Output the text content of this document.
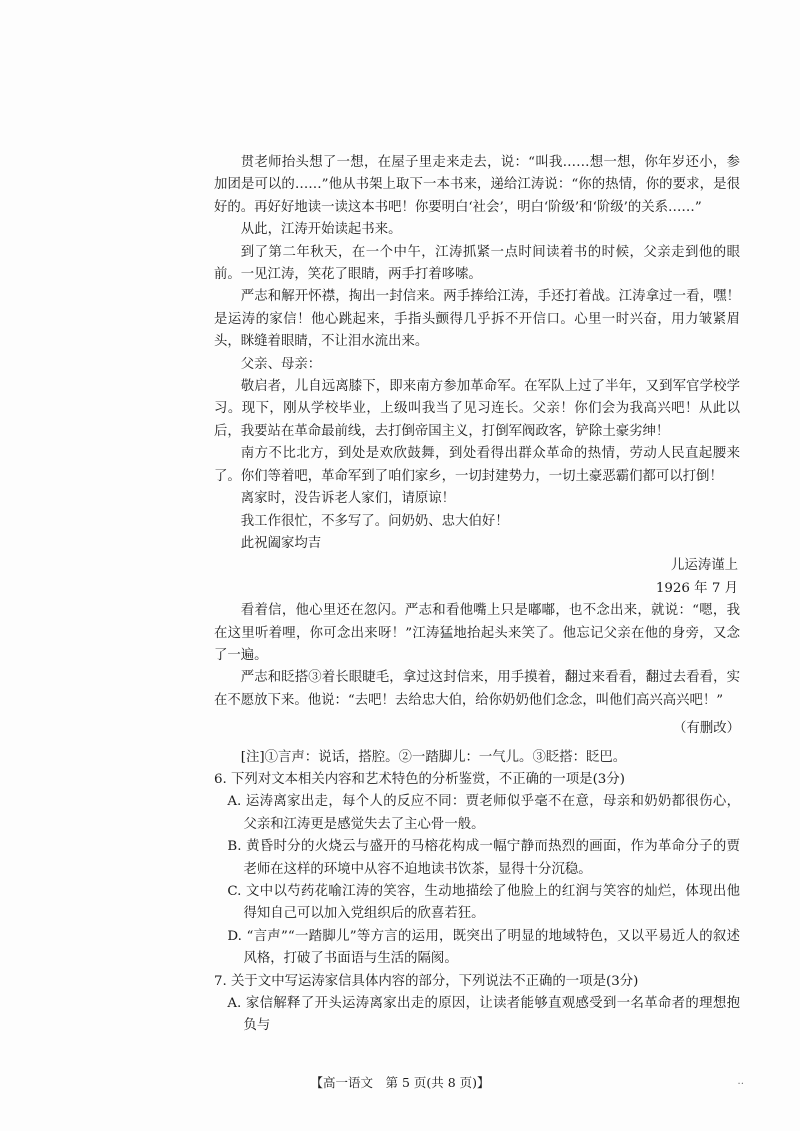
贯老师抬头想了一想，在屋子里走来走去，说：“叫我……想一想，你年岁还小，参加团是可以的……”他从书架上取下一本书来，递给江涛说：“你的热情，你的要求，是很好的。再好好地读一读这本书吧！你要明白‘社会’，明白‘阶级’和‘阶级’的关系……”

从此，江涛开始读起书来。

到了第二年秋天，在一个中午，江涛抓紧一点时间读着书的时候，父亲走到他的眼前。一见江涛，笑花了眼睛，两手打着哆嗦。

严志和解开怀襟，掏出一封信来。两手捧给江涛，手还打着战。江涛拿过一看，嘿！是运涛的家信！他心跳起来，手指头颤得几乎拆不开信口。心里一时兴奋，用力皱紧眉头，眯缝着眼睛，不让泪水流出来。

父亲、母亲：

敬启者，儿自远离膝下，即来南方参加革命军。在军队上过了半年，又到军官学校学习。现下，刚从学校毕业，上级叫我当了见习连长。父亲！你们会为我高兴吧！从此以后，我要站在革命最前线，去打倒帝国主义，打倒军阀政客，铲除土豪劣绅！

南方不比北方，到处是欢欣鼓舞，到处看得出群众革命的热情，劳动人民直起腰来了。你们等着吧，革命军到了咱们家乡，一切封建势力，一切土豪恶霸们都可以打倒！

离家时，没告诉老人家们，请原谅！

我工作很忙，不多写了。问奶奶、忠大伯好！

此祝阖家均吉

儿运涛谨上

1926 年 7 月

看着信，他心里还在忽闪。严志和看他嘴上只是嘟嘟，也不念出来，就说：“嗯，我在这里听着哩，你可念出来呀！”江涛猛地抬起头来笑了。他忘记父亲在他的身旁，又念了一遍。

严志和眨搭③着长眼睫毛，拿过这封信来，用手摸着，翻过来看看，翻过去看看，实在不愿放下来。他说：“去吧！去给忠大伯，给你奶奶他们念念，叫他们高兴高兴吧！”

（有删改）

[注]①言声：说话，搭腔。②一踏脚儿：一气儿。③眨搭：眨巴。

6. 下列对文本相关内容和艺术特色的分析鉴赏，不正确的一项是(3分)

A. 运涛离家出走，每个人的反应不同：贾老师似乎毫不在意，母亲和奶奶都很伤心，父亲和江涛更是感觉失去了主心骨一般。

B. 黄昏时分的火烧云与盛开的马榕花构成一幅宁静而热烈的画面，作为革命分子的贾老师在这样的环境中从容不迫地读书饮茶，显得十分沉稳。

C. 文中以芍药花喻江涛的笑容，生动地描绘了他脸上的红润与笑容的灿烂，体现出他得知自己可以加入党组织后的欣喜若狂。

D. “言声”“一踏脚儿”等方言的运用，既突出了明显的地域特色，又以平易近人的叙述风格，打破了书面语与生活的隔阂。

7. 关于文中写运涛家信具体内容的部分，下列说法不正确的一项是(3分)

A. 家信解释了开头运涛离家出走的原因，让读者能够直观感受到一名革命者的理想抱负与

【高一语文　第 5 页(共 8 页)】	‥
